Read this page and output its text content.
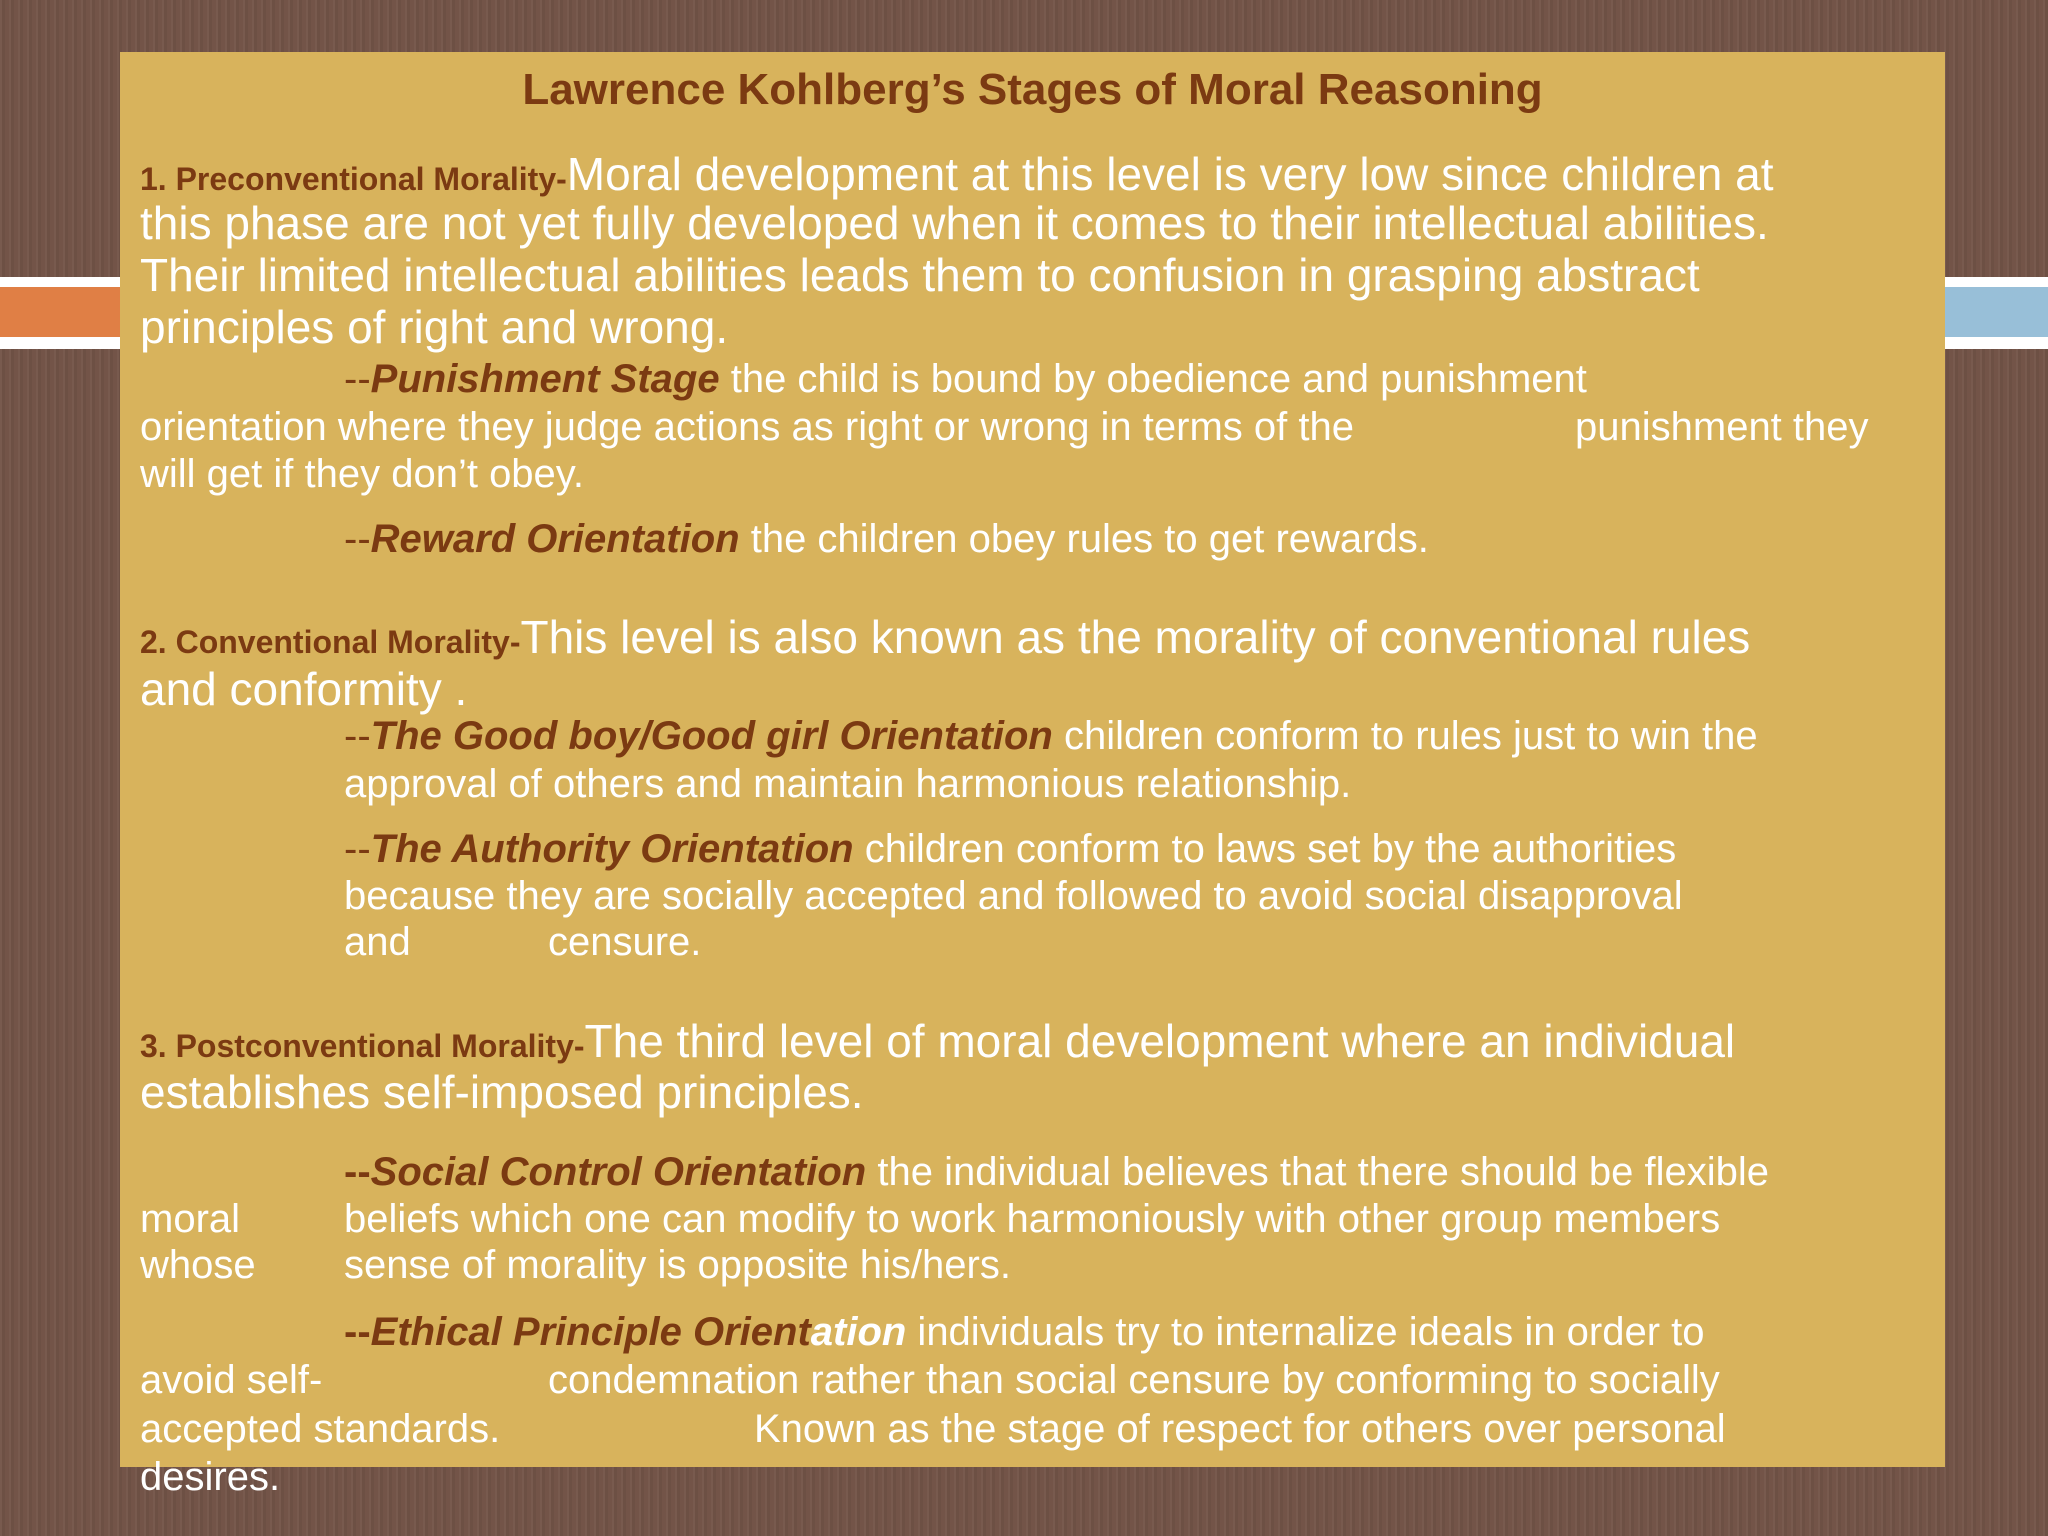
Lawrence Kohlberg’s Stages of Moral Reasoning
1. Preconventional Morality-Moral development at this level is very low since children at
this phase are not yet fully developed when it comes to their intellectual abilities.
Their limited intellectual abilities leads them to confusion in grasping abstract
principles of right and wrong.
--Punishment Stage the child is bound by obedience and punishment
orientation where they judge actions as right or wrong in terms of the	punishment they
will get if they don’t obey.
--Reward Orientation the children obey rules to get rewards.
2. Conventional Morality-This level is also known as the morality of conventional rules
and conformity .
--The Good boy/Good girl Orientation children conform to rules just to win the
approval of others and maintain harmonious relationship.
--The Authority Orientation children conform to laws set by the authorities
because they are socially accepted and followed to avoid social disapproval
and	censure.
3. Postconventional Morality-The third level of moral development where an individual
establishes self-imposed principles.
--Social Control Orientation the individual believes that there should be flexible
moral	beliefs which one can modify to work harmoniously with other group members
whose sense of morality is opposite his/hers.
--Ethical Principle Orientation individuals try to internalize ideals in order to
avoid self-	condemnation rather than social censure by conforming to socially
accepted standards.	Known as the stage of respect for others over personal
desires.
